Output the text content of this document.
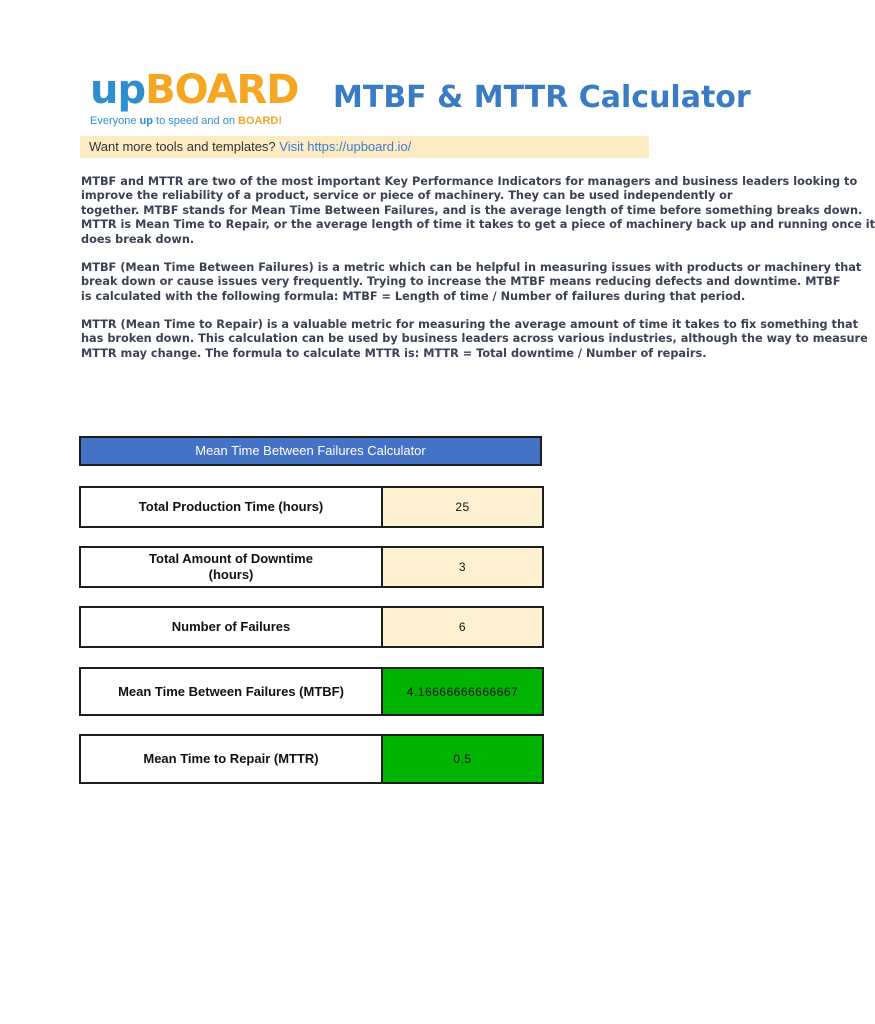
upBOARD
Everyone up to speed and on BOARD!
MTBF & MTTR Calculator
Want more tools and templates? Visit https://upboard.io/
MTBF and MTTR are two of the most important Key Performance Indicators for managers and business leaders looking to
improve the reliability of a product, service or piece of machinery. They can be used independently or
together. MTBF stands for Mean Time Between Failures, and is the average length of time before something breaks down.
MTTR is Mean Time to Repair, or the average length of time it takes to get a piece of machinery back up and running once it
does break down.
MTBF (Mean Time Between Failures) is a metric which can be helpful in measuring issues with products or machinery that
break down or cause issues very frequently. Trying to increase the MTBF means reducing defects and downtime. MTBF
is calculated with the following formula: MTBF = Length of time / Number of failures during that period.
MTTR (Mean Time to Repair) is a valuable metric for measuring the average amount of time it takes to fix something that
has broken down. This calculation can be used by business leaders across various industries, although the way to measure
MTTR may change. The formula to calculate MTTR is: MTTR = Total downtime / Number of repairs.
Mean Time Between Failures Calculator
Total Production Time (hours)	25
Total Amount of Downtime (hours)	3
Number of Failures	6
Mean Time Between Failures (MTBF)	4.16666666666667
Mean Time to Repair (MTTR)	0.5
